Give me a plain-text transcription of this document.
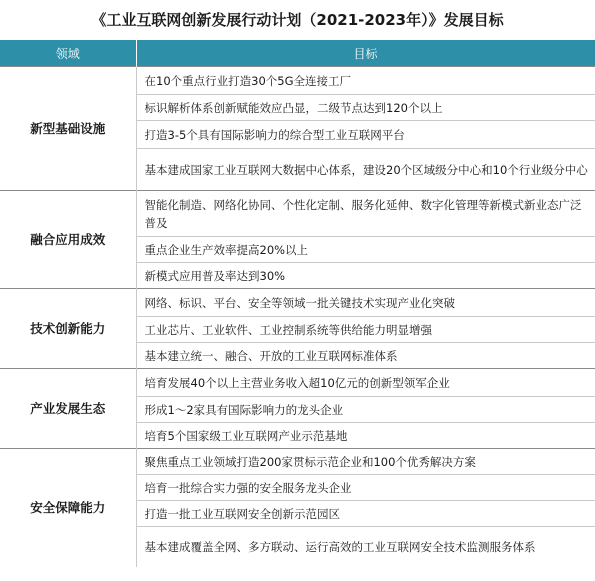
《工业互联网创新发展行动计划（2021-2023年）》发展目标
领域	目标
新型基础设施	在10个重点行业打造30个5G全连接工厂
	标识解析体系创新赋能效应凸显，二级节点达到120个以上
	打造3-5个具有国际影响力的综合型工业互联网平台
	基本建成国家工业互联网大数据中心体系，建设20个区域级分中心和10个行业级分中心
融合应用成效	智能化制造、网络化协同、个性化定制、服务化延伸、数字化管理等新模式新业态广泛普及
	重点企业生产效率提高20%以上
	新模式应用普及率达到30%
技术创新能力	网络、标识、平台、安全等领域一批关键技术实现产业化突破
	工业芯片、工业软件、工业控制系统等供给能力明显增强
	基本建立统一、融合、开放的工业互联网标准体系
产业发展生态	培育发展40个以上主营业务收入超10亿元的创新型领军企业
	形成1～2家具有国际影响力的龙头企业
	培育5个国家级工业互联网产业示范基地
安全保障能力	聚焦重点工业领域打造200家贯标示范企业和100个优秀解决方案
	培育一批综合实力强的安全服务龙头企业
	打造一批工业互联网安全创新示范园区
	基本建成覆盖全网、多方联动、运行高效的工业互联网安全技术监测服务体系
